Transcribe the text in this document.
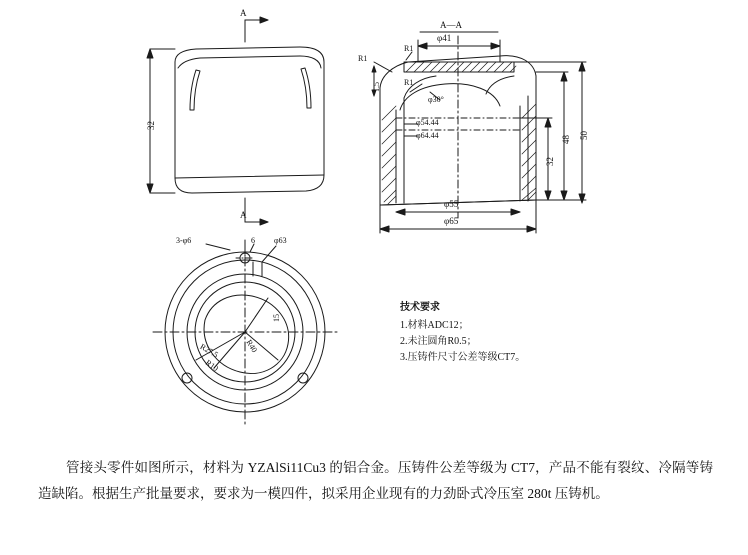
A
A
32
A—A
φ41
R1
R1
R1
φ30°
φ54.44
φ64.44
φ55
φ65
1.5
32
48 50
3-φ6	6 φ63
15
R40
R27.5
R10
技术要求
1.材料ADC12；
2.未注圆角R0.5；
3.压铸件尺寸公差等级CT7。
管接头零件如图所示，材料为 YZAlSi11Cu3 的铝合金。压铸件公差等级为 CT7，产品不能有裂纹、冷隔等铸造缺陷。根据生产批量要求，要求为一模四件，拟采用企业现有的力劲卧式冷压室 280t 压铸机。
